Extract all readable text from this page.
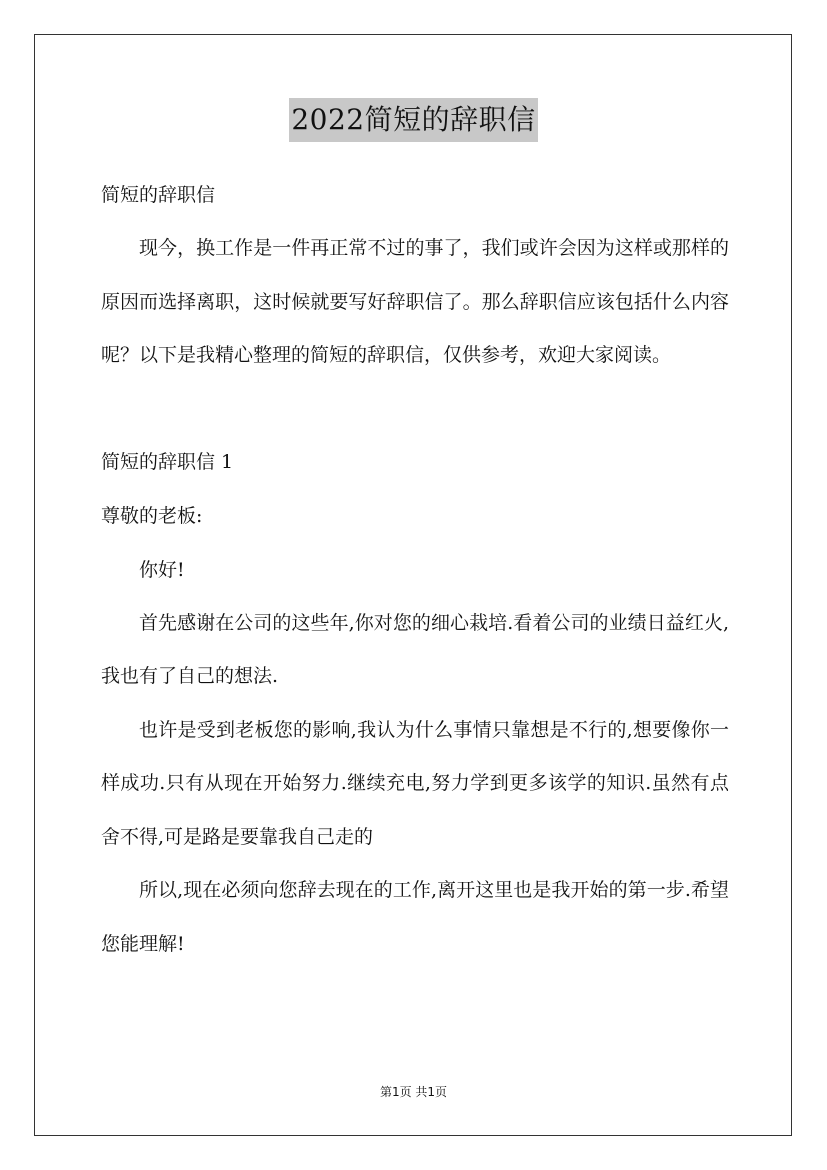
2022简短的辞职信

简短的辞职信

现今，换工作是一件再正常不过的事了，我们或许会因为这样或那样的原因而选择离职，这时候就要写好辞职信了。那么辞职信应该包括什么内容呢？以下是我精心整理的简短的辞职信，仅供参考，欢迎大家阅读。

简短的辞职信 1

尊敬的老板:

你好!

首先感谢在公司的这些年,你对您的细心栽培.看着公司的业绩日益红火,我也有了自己的想法.

也许是受到老板您的影响,我认为什么事情只靠想是不行的,想要像你一样成功.只有从现在开始努力.继续充电,努力学到更多该学的知识.虽然有点舍不得,可是路是要靠我自己走的

所以,现在必须向您辞去现在的工作,离开这里也是我开始的第一步.希望您能理解!

第1页 共1页
